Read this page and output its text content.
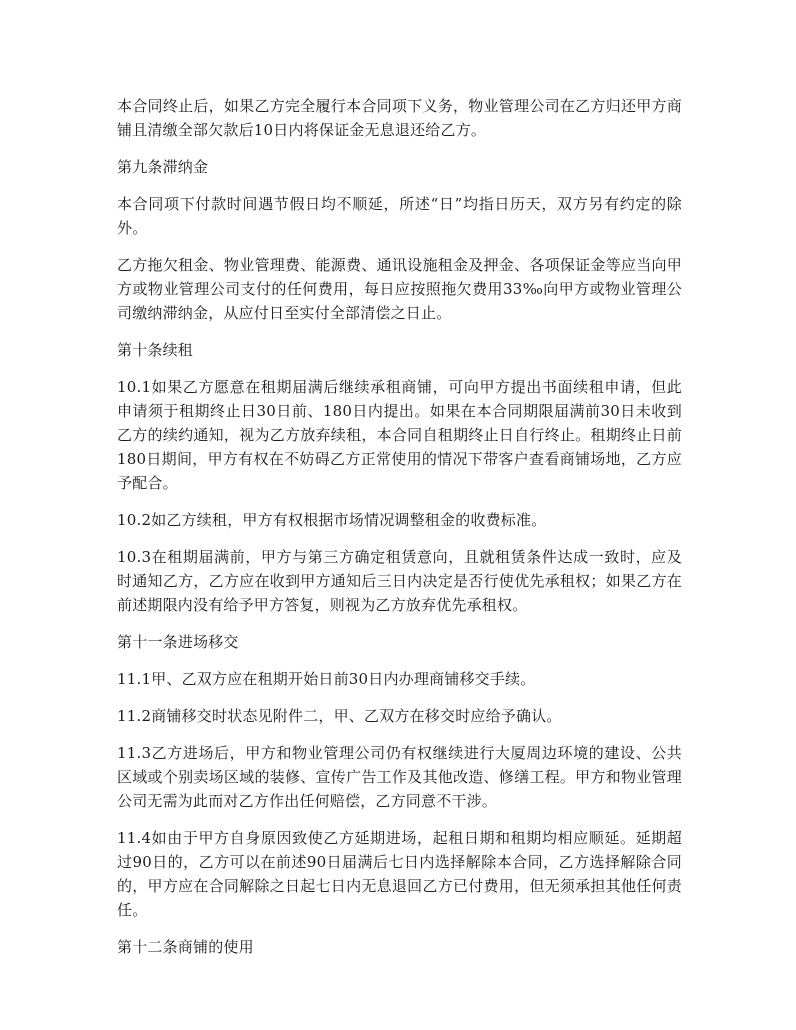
本合同终止后，如果乙方完全履行本合同项下义务，物业管理公司在乙方归还甲方商铺且清缴全部欠款后10日内将保证金无息退还给乙方。

第九条滞纳金

本合同项下付款时间遇节假日均不顺延，所述“日”均指日历天，双方另有约定的除外。

乙方拖欠租金、物业管理费、能源费、通讯设施租金及押金、各项保证金等应当向甲方或物业管理公司支付的任何费用，每日应按照拖欠费用33‰向甲方或物业管理公司缴纳滞纳金，从应付日至实付全部清偿之日止。

第十条续租

10.1如果乙方愿意在租期届满后继续承租商铺，可向甲方提出书面续租申请，但此申请须于租期终止日30日前、180日内提出。如果在本合同期限届满前30日未收到乙方的续约通知，视为乙方放弃续租，本合同自租期终止日自行终止。租期终止日前180日期间，甲方有权在不妨碍乙方正常使用的情况下带客户查看商铺场地，乙方应予配合。

10.2如乙方续租，甲方有权根据市场情况调整租金的收费标准。

10.3在租期届满前，甲方与第三方确定租赁意向，且就租赁条件达成一致时，应及时通知乙方，乙方应在收到甲方通知后三日内决定是否行使优先承租权；如果乙方在前述期限内没有给予甲方答复，则视为乙方放弃优先承租权。

第十一条进场移交

11.1甲、乙双方应在租期开始日前30日内办理商铺移交手续。

11.2商铺移交时状态见附件二，甲、乙双方在移交时应给予确认。

11.3乙方进场后，甲方和物业管理公司仍有权继续进行大厦周边环境的建设、公共区域或个别卖场区域的装修、宣传广告工作及其他改造、修缮工程。甲方和物业管理公司无需为此而对乙方作出任何赔偿，乙方同意不干涉。

11.4如由于甲方自身原因致使乙方延期进场，起租日期和租期均相应顺延。延期超过90日的，乙方可以在前述90日届满后七日内选择解除本合同，乙方选择解除合同的，甲方应在合同解除之日起七日内无息退回乙方已付费用，但无须承担其他任何责任。

第十二条商铺的使用
